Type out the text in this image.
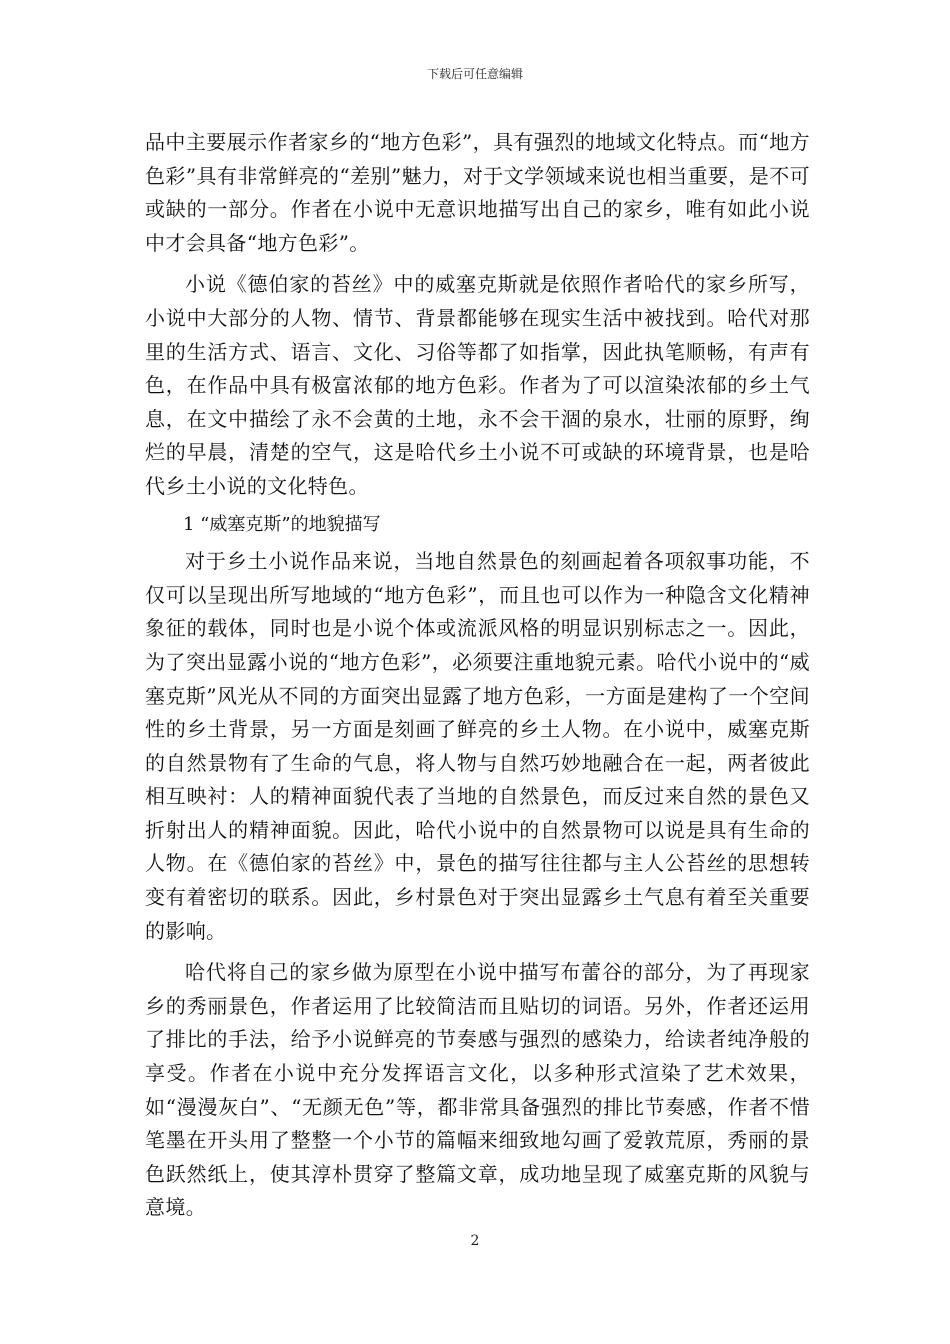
下载后可任意编辑

品中主要展示作者家乡的“地方色彩”，具有强烈的地域文化特点。而“地方色彩”具有非常鲜亮的“差别”魅力，对于文学领域来说也相当重要，是不可或缺的一部分。作者在小说中无意识地描写出自己的家乡，唯有如此小说中才会具备“地方色彩”。

小说《德伯家的苔丝》中的威塞克斯就是依照作者哈代的家乡所写，小说中大部分的人物、情节、背景都能够在现实生活中被找到。哈代对那里的生活方式、语言、文化、习俗等都了如指掌，因此执笔顺畅，有声有色，在作品中具有极富浓郁的地方色彩。作者为了可以渲染浓郁的乡土气息，在文中描绘了永不会黄的土地，永不会干涸的泉水，壮丽的原野，绚烂的早晨，清楚的空气，这是哈代乡土小说不可或缺的环境背景，也是哈代乡土小说的文化特色。

1 “威塞克斯”的地貌描写

对于乡土小说作品来说，当地自然景色的刻画起着各项叙事功能，不仅可以呈现出所写地域的“地方色彩”，而且也可以作为一种隐含文化精神象征的载体，同时也是小说个体或流派风格的明显识别标志之一。因此，为了突出显露小说的“地方色彩”，必须要注重地貌元素。哈代小说中的“威塞克斯”风光从不同的方面突出显露了地方色彩，一方面是建构了一个空间性的乡土背景，另一方面是刻画了鲜亮的乡土人物。在小说中，威塞克斯的自然景物有了生命的气息，将人物与自然巧妙地融合在一起，两者彼此相互映衬：人的精神面貌代表了当地的自然景色，而反过来自然的景色又折射出人的精神面貌。因此，哈代小说中的自然景物可以说是具有生命的人物。在《德伯家的苔丝》中，景色的描写往往都与主人公苔丝的思想转变有着密切的联系。因此，乡村景色对于突出显露乡土气息有着至关重要的影响。

哈代将自己的家乡做为原型在小说中描写布蕾谷的部分，为了再现家乡的秀丽景色，作者运用了比较简洁而且贴切的词语。另外，作者还运用了排比的手法，给予小说鲜亮的节奏感与强烈的感染力，给读者纯净般的享受。作者在小说中充分发挥语言文化，以多种形式渲染了艺术效果，如“漫漫灰白”、“无颜无色”等，都非常具备强烈的排比节奏感，作者不惜笔墨在开头用了整整一个小节的篇幅来细致地勾画了爱敦荒原，秀丽的景色跃然纸上，使其淳朴贯穿了整篇文章，成功地呈现了威塞克斯的风貌与意境。

2
